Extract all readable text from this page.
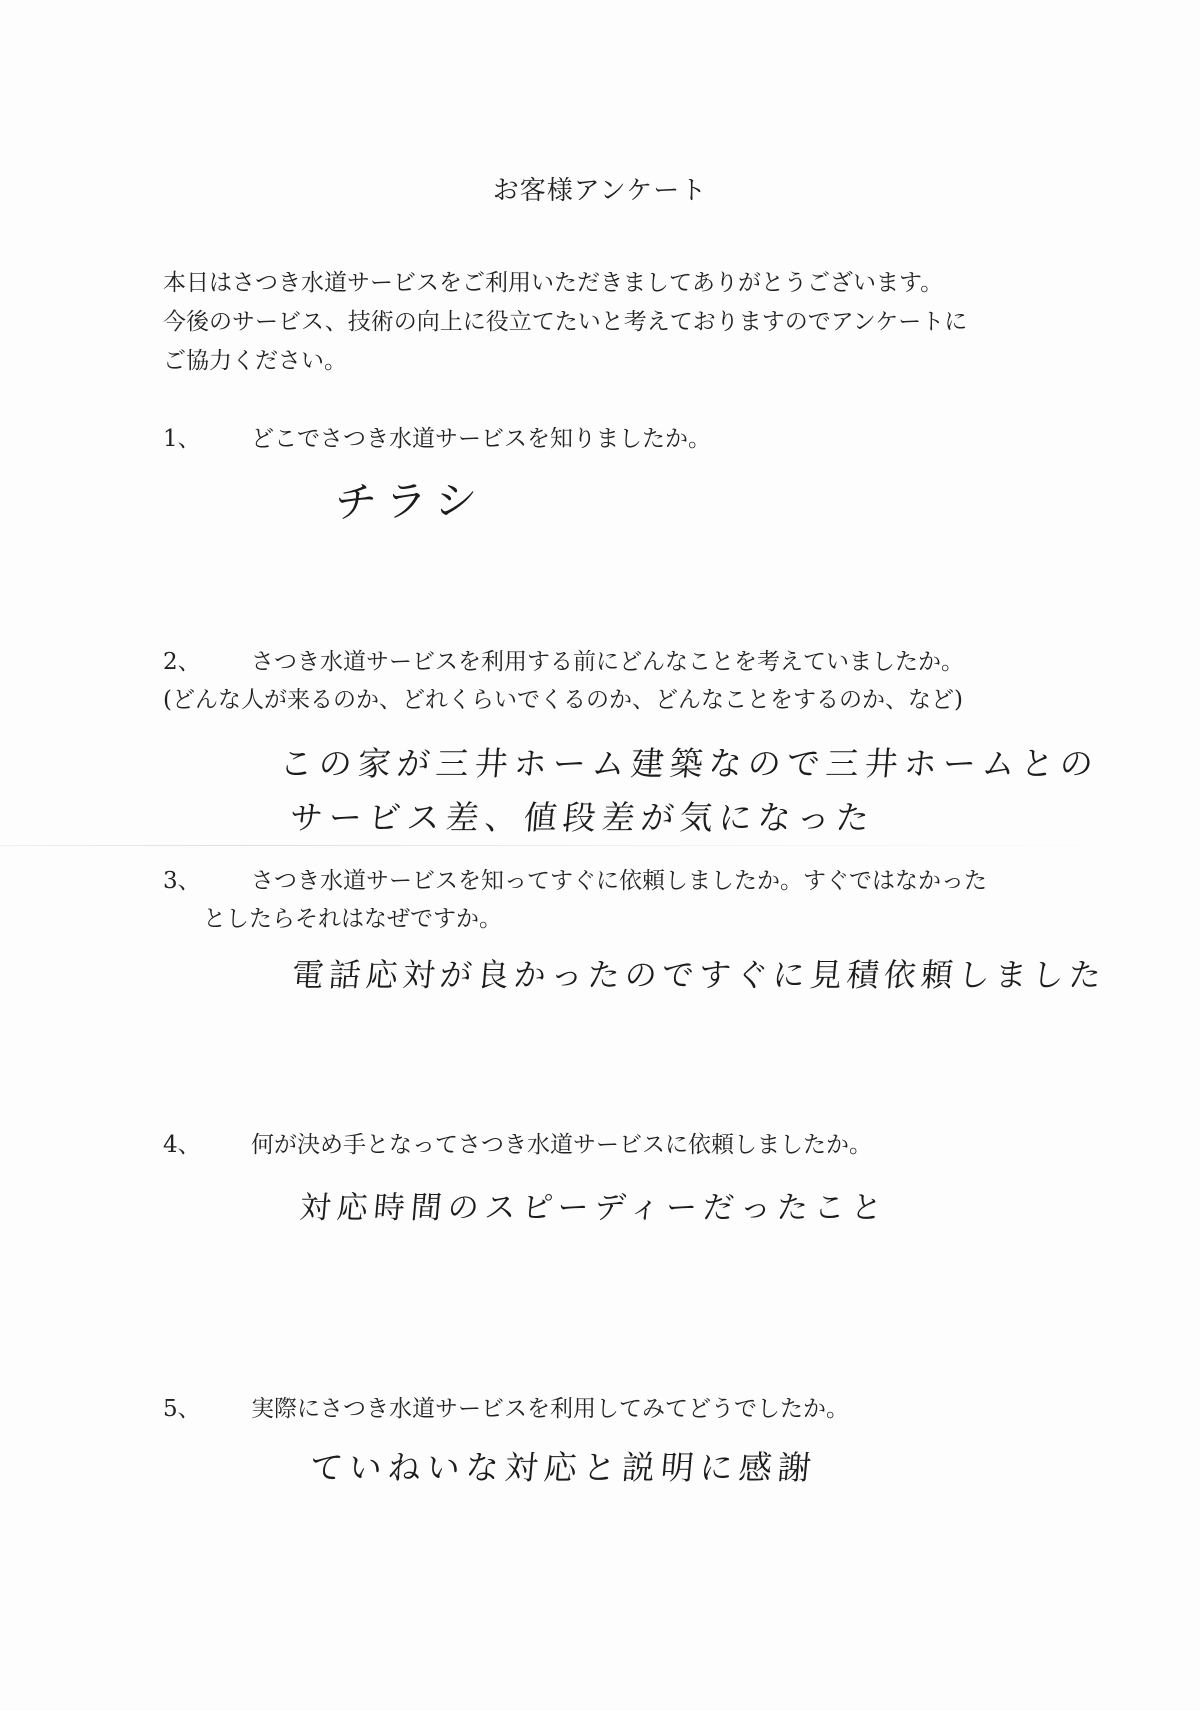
お客様アンケート
本日はさつき水道サービスをご利用いただきましてありがとうございます。
今後のサービス、技術の向上に役立てたいと考えておりますのでアンケートに
ご協力ください。
1、	どこでさつき水道サービスを知りましたか。
チラシ
2、	さつき水道サービスを利用する前にどんなことを考えていましたか。
(どんな人が来るのか、どれくらいでくるのか、どんなことをするのか、など)
この家が三井ホーム建築なので三井ホームとの
サービス差、値段差が気になった
3、	さつき水道サービスを知ってすぐに依頼しましたか。すぐではなかった
としたらそれはなぜですか。
電話応対が良かったのですぐに見積依頼しました
4、	何が決め手となってさつき水道サービスに依頼しましたか。
対応時間のスピーディーだったこと
5、	実際にさつき水道サービスを利用してみてどうでしたか。
ていねいな対応と説明に感謝
